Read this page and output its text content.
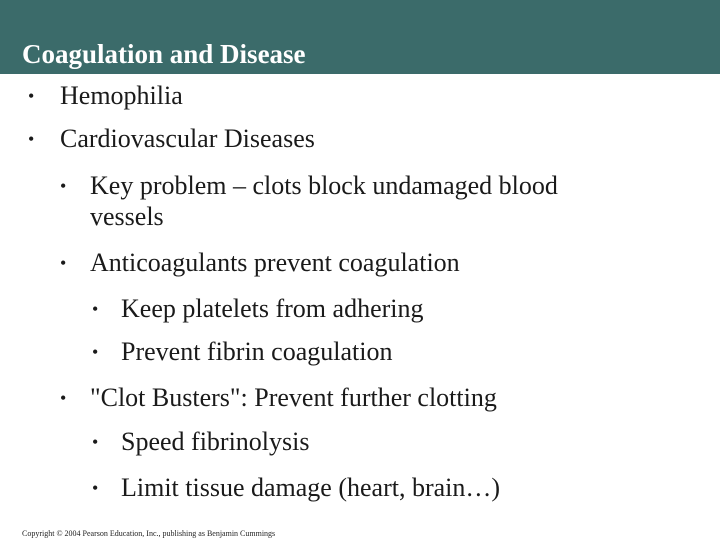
Coagulation and Disease
• Hemophilia
• Cardiovascular Diseases
• Key problem – clots block undamaged blood
vessels
• Anticoagulants prevent coagulation
• Keep platelets from adhering
• Prevent fibrin coagulation
• "Clot Busters": Prevent further clotting
• Speed fibrinolysis
• Limit tissue damage (heart, brain…)
Copyright © 2004 Pearson Education, Inc., publishing as Benjamin Cummings
